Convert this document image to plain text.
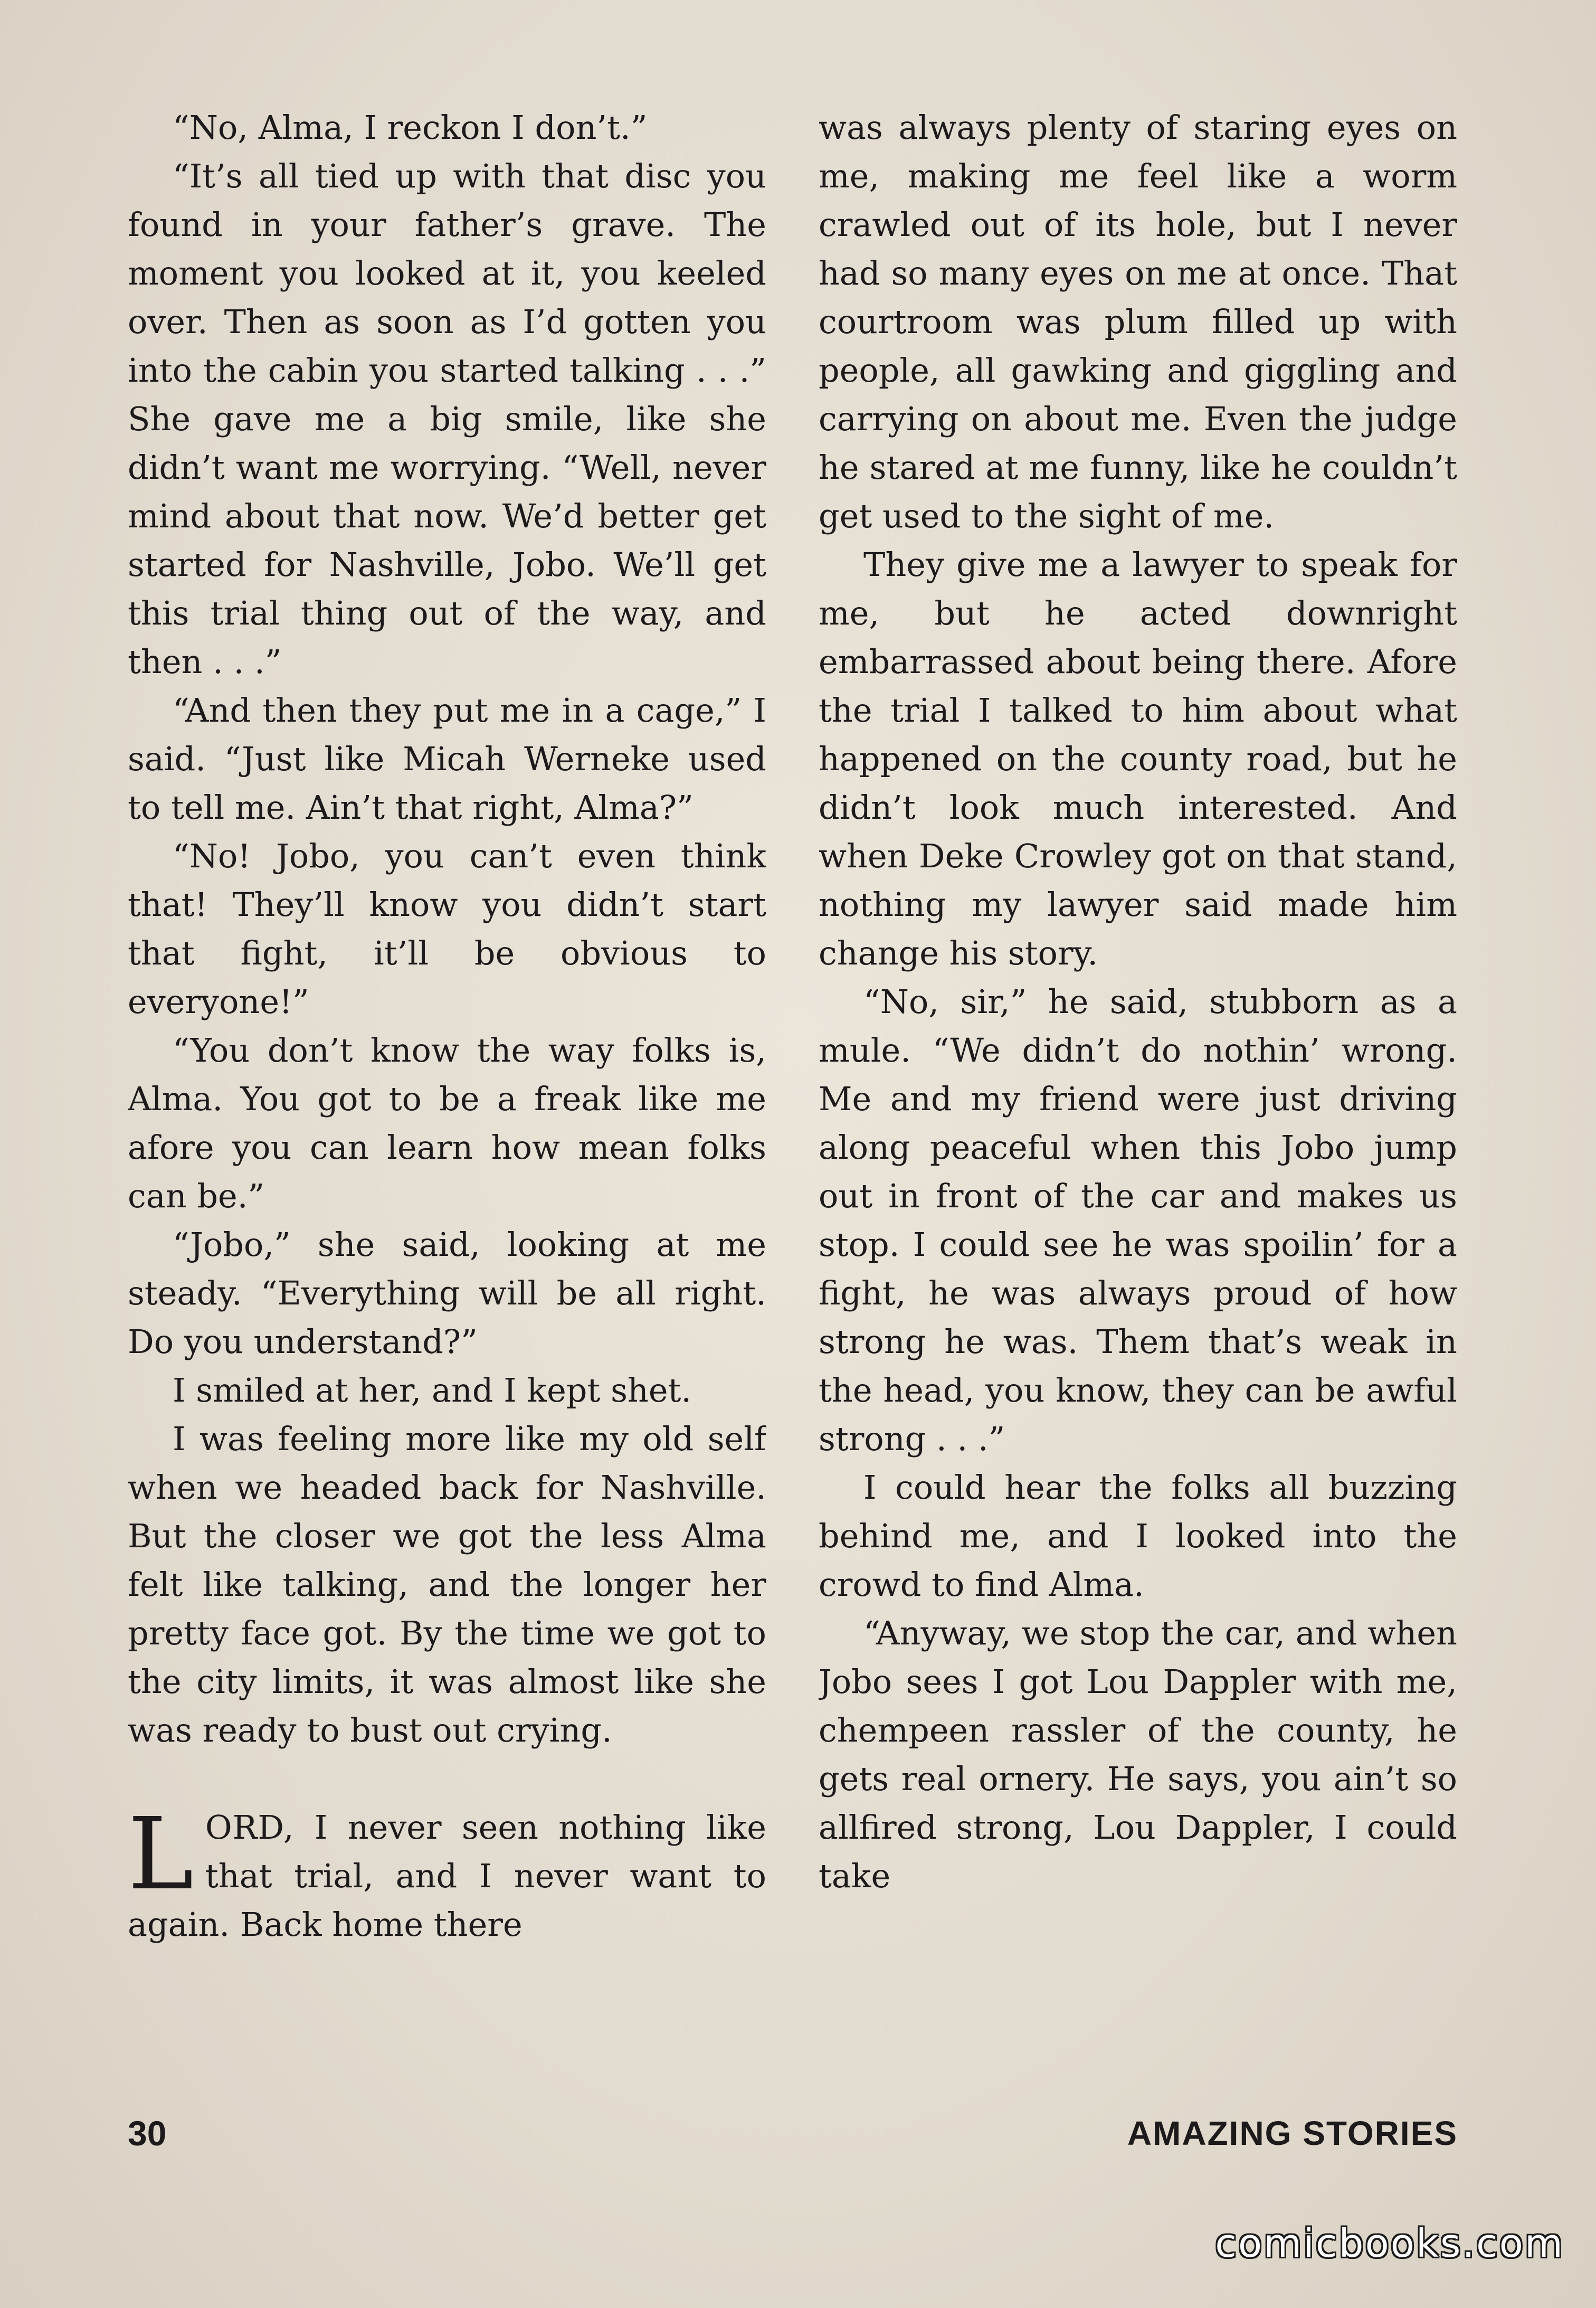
“No, Alma, I reckon I don’t.”

“It’s all tied up with that disc you found in your father’s grave. The moment you looked at it, you keeled over. Then as soon as I’d gotten you into the cabin you started talking . . .” She gave me a big smile, like she didn’t want me worrying. “Well, never mind about that now. We’d better get started for Nashville, Jobo. We’ll get this trial thing out of the way, and then . . .”

“And then they put me in a cage,” I said. “Just like Micah Werneke used to tell me. Ain’t that right, Alma?”

“No! Jobo, you can’t even think that! They’ll know you didn’t start that fight, it’ll be obvious to everyone!”

“You don’t know the way folks is, Alma. You got to be a freak like me afore you can learn how mean folks can be.”

“Jobo,” she said, looking at me steady. “Everything will be all right. Do you understand?”

I smiled at her, and I kept shet.

I was feeling more like my old self when we headed back for Nashville. But the closer we got the less Alma felt like talking, and the longer her pretty face got. By the time we got to the city limits, it was almost like she was ready to bust out crying.

LORD, I never seen nothing like that trial, and I never want to again. Back home there

was always plenty of staring eyes on me, making me feel like a worm crawled out of its hole, but I never had so many eyes on me at once. That courtroom was plum filled up with people, all gawking and giggling and carrying on about me. Even the judge he stared at me funny, like he couldn’t get used to the sight of me.

They give me a lawyer to speak for me, but he acted downright embarrassed about being there. Afore the trial I talked to him about what happened on the county road, but he didn’t look much interested. And when Deke Crowley got on that stand, nothing my lawyer said made him change his story.

“No, sir,” he said, stubborn as a mule. “We didn’t do nothin’ wrong. Me and my friend were just driving along peaceful when this Jobo jump out in front of the car and makes us stop. I could see he was spoilin’ for a fight, he was always proud of how strong he was. Them that’s weak in the head, you know, they can be awful strong . . .”

I could hear the folks all buzzing behind me, and I looked into the crowd to find Alma.

“Anyway, we stop the car, and when Jobo sees I got Lou Dappler with me, chempeen rassler of the county, he gets real ornery. He says, you ain’t so allfired strong, Lou Dappler, I could take

30	AMAZING STORIES
comicbooks.com
